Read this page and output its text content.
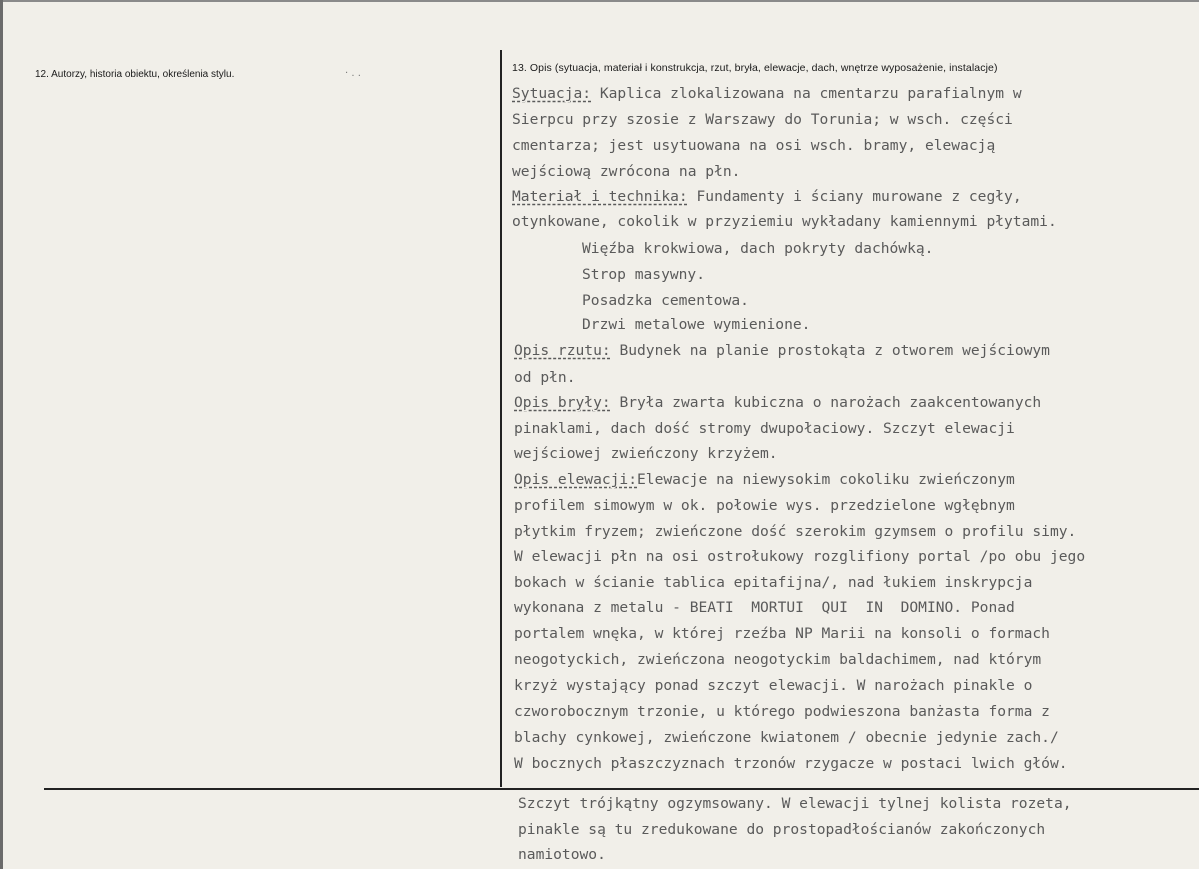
12. Autorzy, historia obiektu, określenia stylu.	· . .	13. Opis (sytuacja, materiał i konstrukcja, rzut, bryła, elewacje, dach, wnętrze wyposażenie, instalacje)
Sytuacja: Kaplica zlokalizowana na cmentarzu parafialnym w
Sierpcu przy szosie z Warszawy do Torunia; w wsch. części
cmentarza; jest usytuowana na osi wsch. bramy, elewacją
wejściową zwrócona na płn.
Materiał i technika: Fundamenty i ściany murowane z cegły,
otynkowane, cokolik w przyziemiu wykładany kamiennymi płytami.
Więźba krokwiowa, dach pokryty dachówką.
Strop masywny.
Posadzka cementowa.
Drzwi metalowe wymienione.
Opis rzutu: Budynek na planie prostokąta z otworem wejściowym
od płn.
Opis bryły: Bryła zwarta kubiczna o narożach zaakcentowanych
pinaklami, dach dość stromy dwupołaciowy. Szczyt elewacji
wejściowej zwieńczony krzyżem.
Opis elewacji:Elewacje na niewysokim cokoliku zwieńczonym
profilem simowym w ok. połowie wys. przedzielone wgłębnym
płytkim fryzem; zwieńczone dość szerokim gzymsem o profilu simy.
W elewacji płn na osi ostrołukowy rozglifiony portal /po obu jego
bokach w ścianie tablica epitafijna/, nad łukiem inskrypcja
wykonana z metalu - BEATI  MORTUI  QUI  IN  DOMINO. Ponad
portalem wnęka, w której rzeźba NP Marii na konsoli o formach
neogotyckich, zwieńczona neogotyckim baldachimem, nad którym
krzyż wystający ponad szczyt elewacji. W narożach pinakle o
czworobocznym trzonie, u którego podwieszona banżasta forma z
blachy cynkowej, zwieńczone kwiatonem / obecnie jedynie zach./
W bocznych płaszczyznach trzonów rzygacze w postaci lwich głów.
Szczyt trójkątny ogzymsowany. W elewacji tylnej kolista rozeta,
pinakle są tu zredukowane do prostopadłościanów zakończonych
namiotowo.
